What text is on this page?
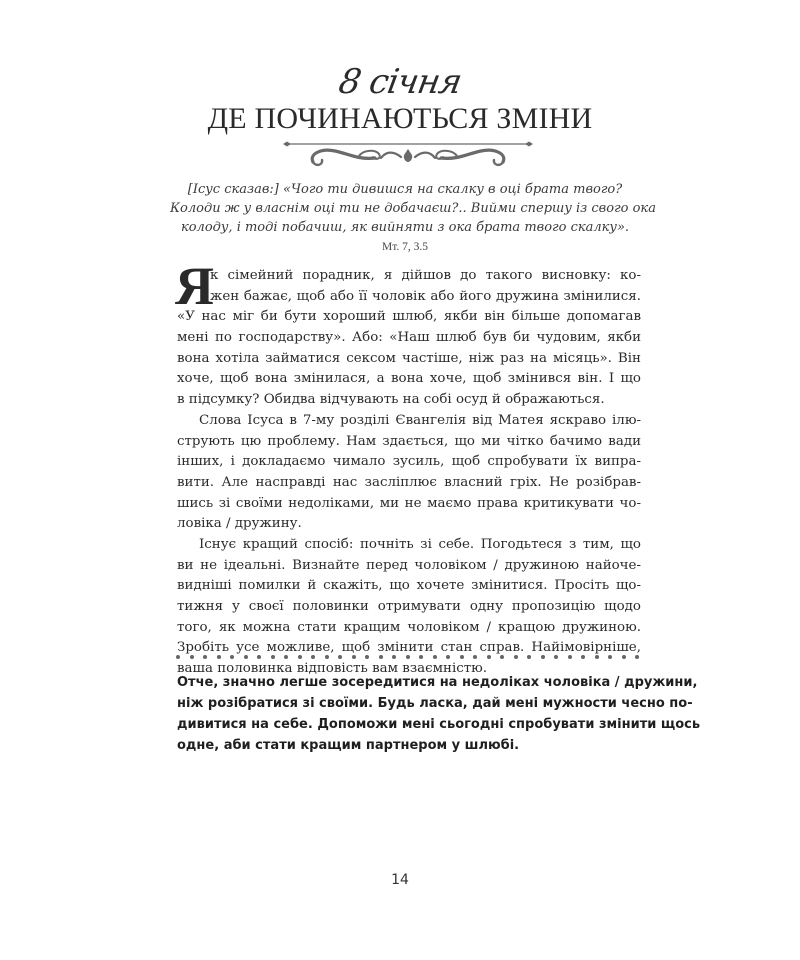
8 січня
ДЕ ПОЧИНАЮТЬСЯ ЗМІНИ
[Ісус сказав:] «Чого ти дивишся на скалку в оці брата твого?
Колоди ж у власнім оці ти не добачаєш?.. Вийми спершу із свого ока
колоду, і тоді побачиш, як вийняти з ока брата твого скалку».
Мт. 7, 3.5
Я
к сімейний порадник, я дійшов до такого висновку: ко-
жен бажає, щоб або її чоловік або його дружина змінилися.
«У нас міг би бути хороший шлюб, якби він більше допомагав
мені по господарству». Або: «Наш шлюб був би чудовим, якби
вона хотіла займатися сексом частіше, ніж раз на місяць». Він
хоче, щоб вона змінилася, а вона хоче, щоб змінився він. І що
в підсумку? Обидва відчувають на собі осуд й ображаються.
Слова Ісуса в 7-му розділі Євангелія від Матея яскраво ілю-
струють цю проблему. Нам здається, що ми чітко бачимо вади
інших, і докладаємо чимало зусиль, щоб спробувати їх випра-
вити. Але насправді нас засліплює власний гріх. Не розібрав-
шись зі своїми недоліками, ми не маємо права критикувати чо-
ловіка / дружину.
Існує кращий спосіб: почніть зі себе. Погодьтеся з тим, що
ви не ідеальні. Визнайте перед чоловіком / дружиною найоче-
видніші помилки й скажіть, що хочете змінитися. Просіть що-
тижня у своєї половинки отримувати одну пропозицію щодо
того, як можна стати кращим чоловіком / кращою дружиною.
Зробіть усе можливе, щоб змінити стан справ. Найімовірніше,
ваша половинка відповість вам взаємністю.
Отче, значно легше зосередитися на недоліках чоловіка / дружини,
ніж розібратися зі своїми. Будь ласка, дай мені мужности чесно по-
дивитися на себе. Допоможи мені сьогодні спробувати змінити щось
одне, аби стати кращим партнером у шлюбі.
14
